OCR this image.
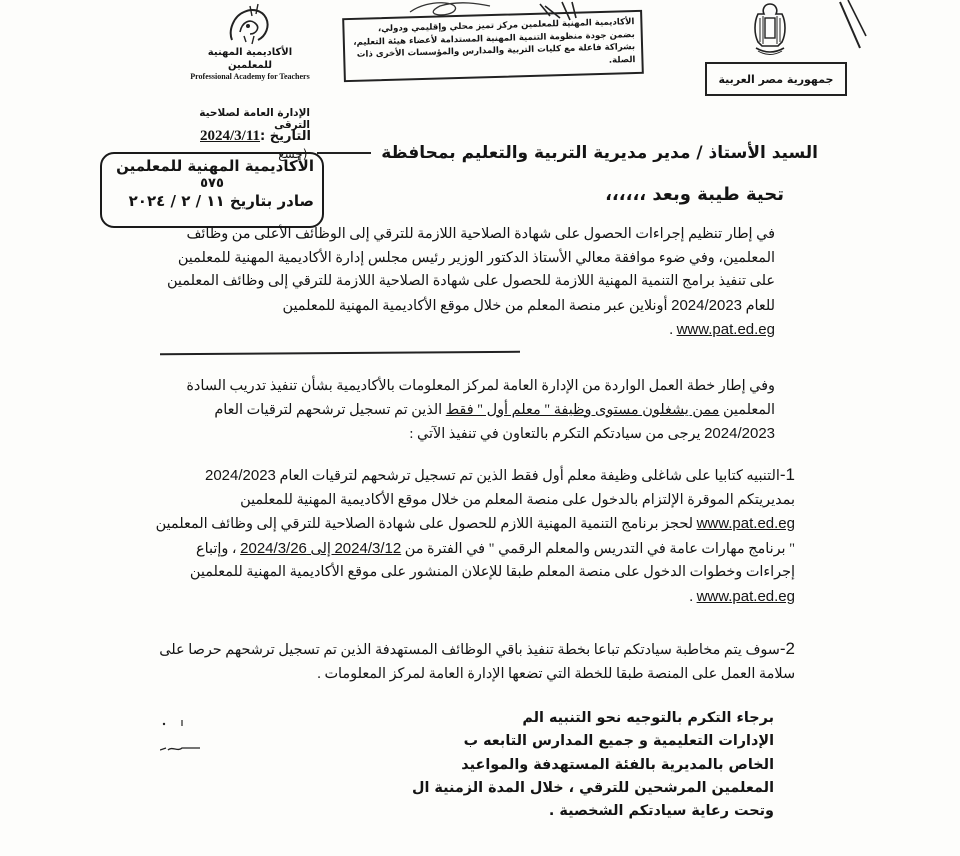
جمهورية مصر العربية
الأكاديمية المهنية للمعلمين مركز تميز محلي وإقليمي ودولي، بضمن جودة منظومة التنمية المهنية المستدامة لأعضاء هيئة التعليم، بشراكة فاعلة مع كليات التربية والمدارس والمؤسسات الأخرى ذات الصلة.
الأكاديمية المهنية للمعلمين
Professional Academy for Teachers
الإدارة العامة لصلاحية الترقى
التاريخ :2024/3/11
السيد الأستاذ / مدير مديرية التربية والتعليم بمحافظة  (جسع
تحية طيبة وبعد ،،،،،،
الأكاديمية المهنية للمعلمين
٥٧٥
صادر بتاريخ ١١ / ٢ / ٢٠٢٤
في إطار تنظيم إجراءات الحصول على شهادة الصلاحية اللازمة للترقي إلى الوظائف الأعلى من وظائف المعلمين، وفي ضوء موافقة معالي الأستاذ الدكتور الوزير رئيس مجلس إدارة الأكاديمية المهنية للمعلمين على تنفيذ برامج التنمية المهنية اللازمة للحصول على شهادة الصلاحية اللازمة للترقي إلى وظائف المعلمين للعام 2024/2023 أونلاين عبر منصة المعلم من خلال موقع الأكاديمية المهنية للمعلمين
www.pat.ed.eg .
وفي إطار خطة العمل الواردة من الإدارة العامة لمركز المعلومات بالأكاديمية بشأن تنفيذ تدريب السادة المعلمين ممن يشغلون مستوى وظيفة " معلم أول " فقط الذين تم تسجيل ترشحهم لترقيات العام 2024/2023 يرجى من سيادتكم التكرم بالتعاون في تنفيذ الآتي :
1-التنبيه كتابيا على شاغلى وظيفة معلم أول فقط الذين تم تسجيل ترشحهم لترقيات العام 2024/2023 بمديريتكم الموقرة الإلتزام بالدخول على منصة المعلم من خلال موقع الأكاديمية المهنية للمعلمين www.pat.ed.eg لحجز برنامج التنمية المهنية اللازم للحصول على شهادة الصلاحية للترقي إلى وظائف المعلمين " برنامج مهارات عامة في التدريس والمعلم الرقمي " في الفترة من 2024/3/12 إلى 2024/3/26 ، وإتباع إجراءات وخطوات الدخول على منصة المعلم طبقا للإعلان المنشور على موقع الأكاديمية المهنية للمعلمين www.pat.ed.eg .
2-سوف يتم مخاطبة سيادتكم تباعا بخطة تنفيذ باقي الوظائف المستهدفة الذين تم تسجيل ترشحهم حرصا على سلامة العمل على المنصة طبقا للخطة التي تضعها الإدارة العامة لمركز المعلومات .
برجاء التكرم بالتوجيه نحو التنبيه الم
الإدارات التعليمية و جميع المدارس التابعه ب
الخاص بالمديرية بالفئة المستهدفة والمواعيد
المعلمين المرشحين للترقي ، خلال المدة الزمنية ال
وتحت رعاية سيادتكم الشخصية .
